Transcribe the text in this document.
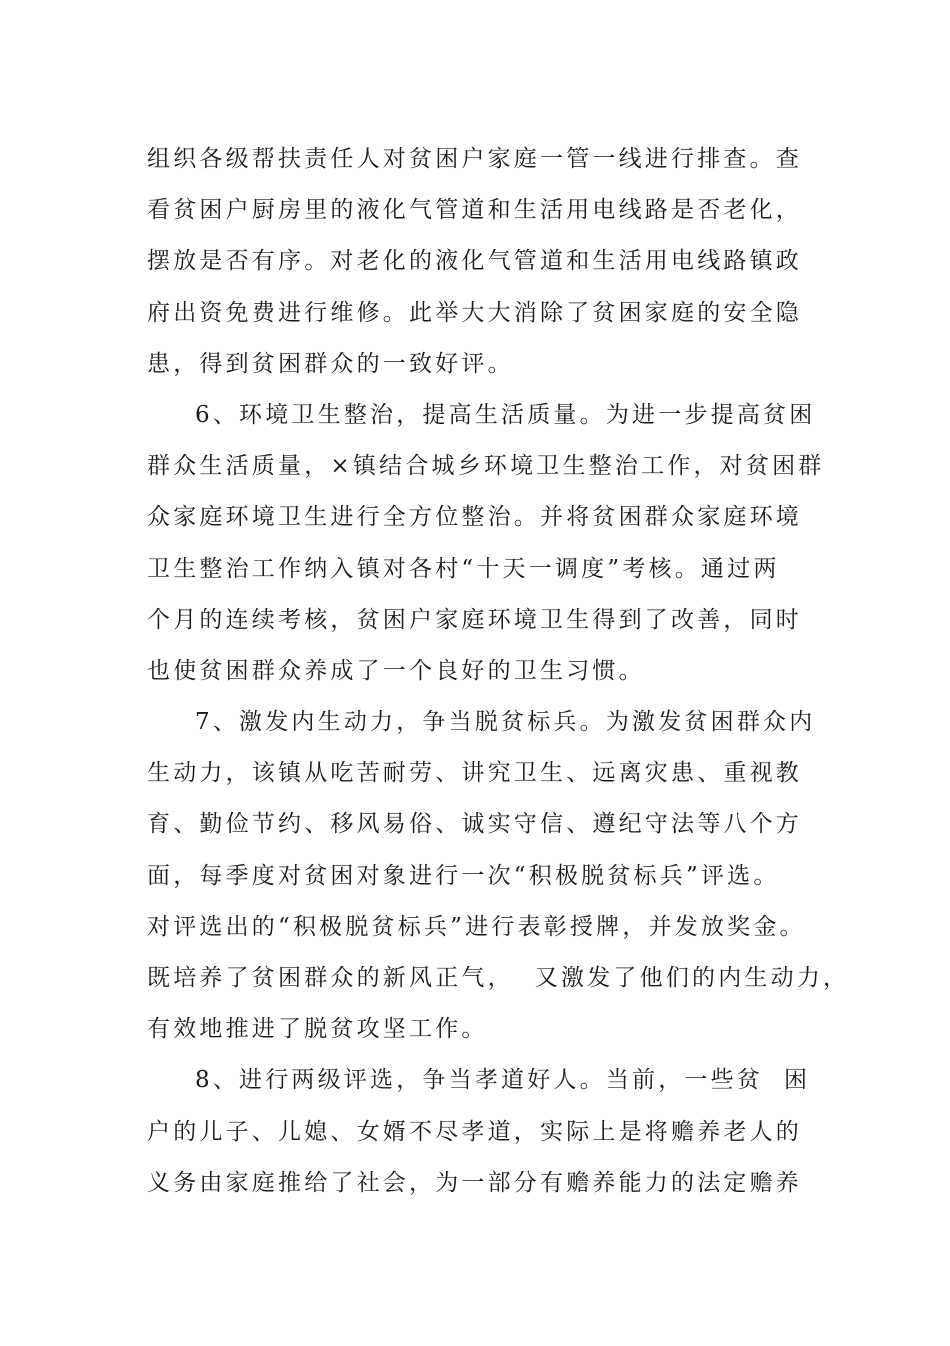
组织各级帮扶责任人对贫困户家庭一管一线进行排查。查
看贫困户厨房里的液化气管道和生活用电线路是否老化，
摆放是否有序。对老化的液化气管道和生活用电线路镇政
府出资免费进行维修。此举大大消除了贫困家庭的安全隐
患，得到贫困群众的一致好评。
6、环境卫生整治，提高生活质量。为进一步提高贫困
群众生活质量，×镇结合城乡环境卫生整治工作，对贫困群
众家庭环境卫生进行全方位整治。并将贫困群众家庭环境
卫生整治工作纳入镇对各村“十天一调度”考核。通过两
个月的连续考核，贫困户家庭环境卫生得到了改善，同时
也使贫困群众养成了一个良好的卫生习惯。
7、激发内生动力，争当脱贫标兵。为激发贫困群众内
生动力，该镇从吃苦耐劳、讲究卫生、远离灾患、重视教
育、勤俭节约、移风易俗、诚实守信、遵纪守法等八个方
面，每季度对贫困对象进行一次“积极脱贫标兵”评选。
对评选出的“积极脱贫标兵”进行表彰授牌，并发放奖金。
既培养了贫困群众的新风正气，  又激发了他们的内生动力，
有效地推进了脱贫攻坚工作。
8、进行两级评选，争当孝道好人。当前，一些贫  困
户的儿子、儿媳、女婿不尽孝道，实际上是将赡养老人的
义务由家庭推给了社会，为一部分有赡养能力的法定赡养
